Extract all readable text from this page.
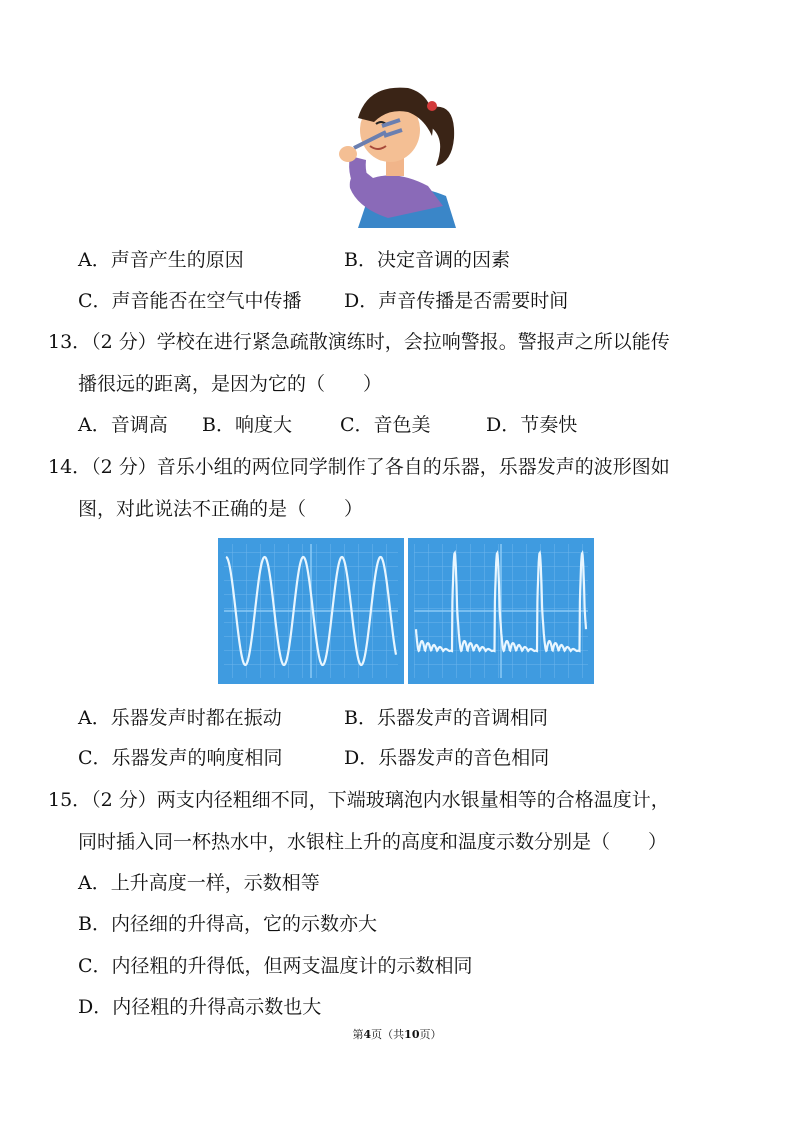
A．声音产生的原因	B．决定音调的因素
C．声音能否在空气中传播 D．声音传播是否需要时间
13．（2 分）学校在进行紧急疏散演练时，会拉响警报。警报声之所以能传
播很远的距离，是因为它的（　　）
A．音调高 B．响度大	C．音色美	D．节奏快
14．（2 分）音乐小组的两位同学制作了各自的乐器，乐器发声的波形图如
图，对此说法不正确的是（　　）
A．乐器发声时都在振动	B．乐器发声的音调相同
C．乐器发声的响度相同	D．乐器发声的音色相同
15．（2 分）两支内径粗细不同，下端玻璃泡内水银量相等的合格温度计，
同时插入同一杯热水中，水银柱上升的高度和温度示数分别是（　　）
A．上升高度一样，示数相等
B．内径细的升得高，它的示数亦大
C．内径粗的升得低，但两支温度计的示数相同
D．内径粗的升得高示数也大
第4页（共10页）
